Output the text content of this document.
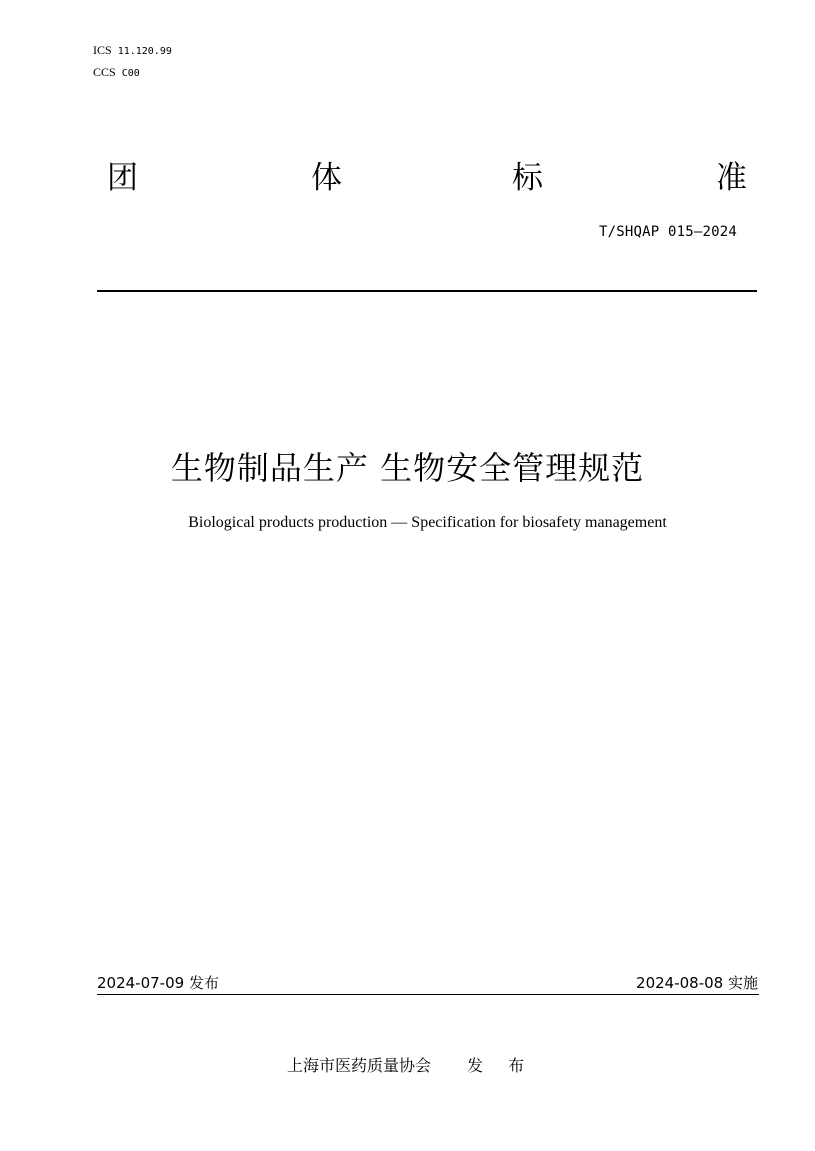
ICS 11.120.99
CCS C00
团	体	标	准
T/SHQAP 015—2024
生物制品生产 生物安全管理规范
Biological products production — Specification for biosafety management
2024-07-09 发布	2024-08-08 实施
上海市医药质量协会 发 布
